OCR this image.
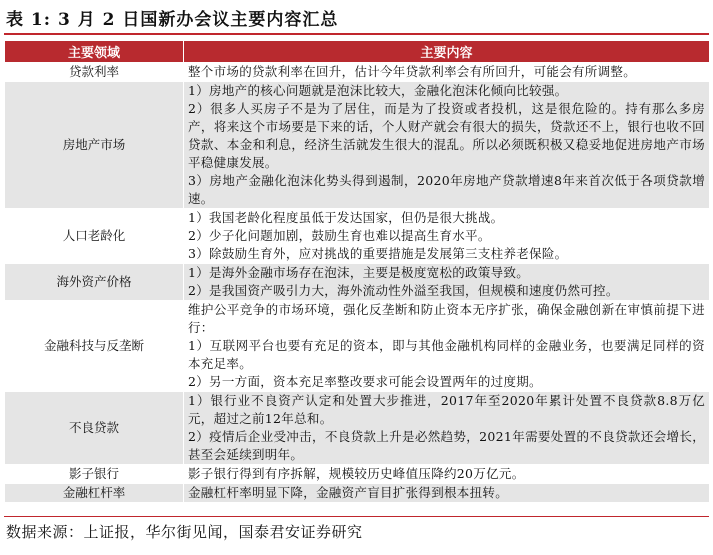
表 1: 3 月 2 日国新办会议主要内容汇总
主要领域	主要内容
贷款利率	整个市场的贷款利率在回升，估计今年贷款利率会有所回升，可能会有所调整。

房地产市场	1）房地产的核心问题就是泡沫比较大，金融化泡沫化倾向比较强。
2）很多人买房子不是为了居住，而是为了投资或者投机，这是很危险的。持有那么多房产，将来这个市场要是下来的话，个人财产就会有很大的损失，贷款还不上，银行也收不回贷款、本金和利息，经济生活就发生很大的混乱。所以必须既积极又稳妥地促进房地产市场平稳健康发展。
3）房地产金融化泡沫化势头得到遏制，2020年房地产贷款增速8年来首次低于各项贷款增速。

人口老龄化	1）我国老龄化程度虽低于发达国家，但仍是很大挑战。
2）少子化问题加剧，鼓励生育也难以提高生育水平。
3）除鼓励生育外，应对挑战的重要措施是发展第三支柱养老保险。

海外资产价格	1）是海外金融市场存在泡沫，主要是极度宽松的政策导致。
2）是我国资产吸引力大，海外流动性外溢至我国，但规模和速度仍然可控。

金融科技与反垄断	维护公平竞争的市场环境，强化反垄断和防止资本无序扩张，确保金融创新在审慎前提下进行：
1）互联网平台也要有充足的资本，即与其他金融机构同样的金融业务，也要满足同样的资本充足率。
2）另一方面，资本充足率整改要求可能会设置两年的过度期。

不良贷款	1）银行业不良资产认定和处置大步推进，2017年至2020年累计处置不良贷款8.8万亿元，超过之前12年总和。
2）疫情后企业受冲击，不良贷款上升是必然趋势，2021年需要处置的不良贷款还会增长，甚至会延续到明年。

影子银行	影子银行得到有序拆解，规模较历史峰值压降约20万亿元。

金融杠杆率	金融杠杆率明显下降，金融资产盲目扩张得到根本扭转。
数据来源：上证报，华尔街见闻，国泰君安证券研究
